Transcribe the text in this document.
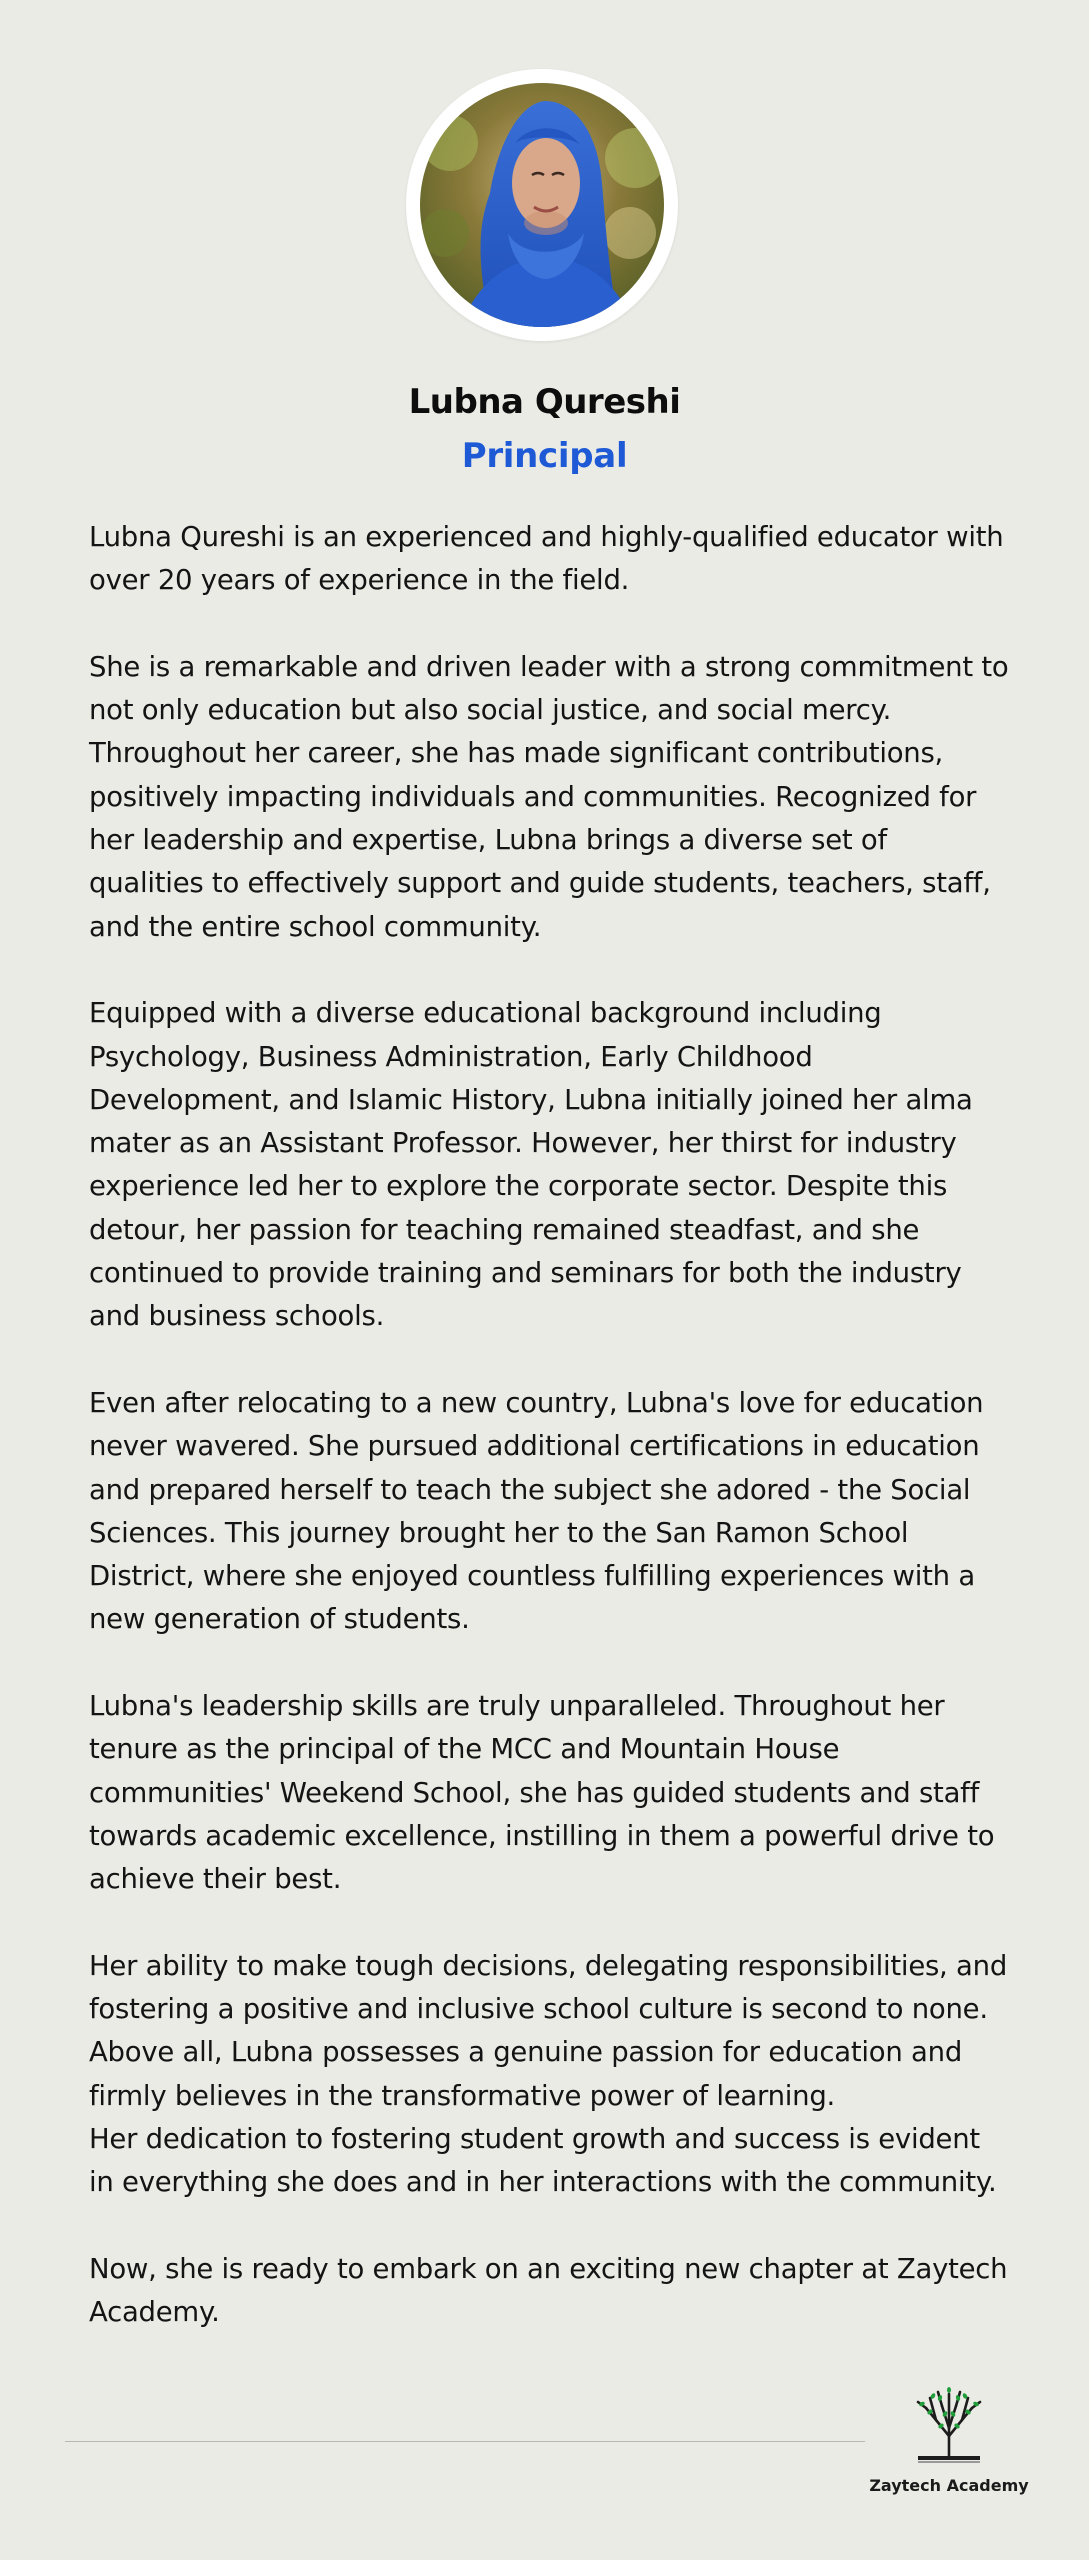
Lubna Qureshi
Principal

Lubna Qureshi is an experienced and highly-qualified educator with over 20 years of experience in the field.

She is a remarkable and driven leader with a strong commitment to not only education but also social justice, and social mercy. Throughout her career, she has made significant contributions, positively impacting individuals and communities. Recognized for her leadership and expertise, Lubna brings a diverse set of qualities to effectively support and guide students, teachers, staff, and the entire school community.

Equipped with a diverse educational background including Psychology, Business Administration, Early Childhood Development, and Islamic History, Lubna initially joined her alma mater as an Assistant Professor. However, her thirst for industry experience led her to explore the corporate sector. Despite this detour, her passion for teaching remained steadfast, and she continued to provide training and seminars for both the industry and business schools.

Even after relocating to a new country, Lubna's love for education never wavered. She pursued additional certifications in education and prepared herself to teach the subject she adored - the Social Sciences. This journey brought her to the San Ramon School District, where she enjoyed countless fulfilling experiences with a new generation of students.

Lubna's leadership skills are truly unparalleled. Throughout her tenure as the principal of the MCC and Mountain House communities' Weekend School, she has guided students and staff towards academic excellence, instilling in them a powerful drive to achieve their best.

Her ability to make tough decisions, delegating responsibilities, and fostering a positive and inclusive school culture is second to none. Above all, Lubna possesses a genuine passion for education and firmly believes in the transformative power of learning.

Her dedication to fostering student growth and success is evident in everything she does and in her interactions with the community.

Now, she is ready to embark on an exciting new chapter at Zaytech Academy.

Zaytech Academy
